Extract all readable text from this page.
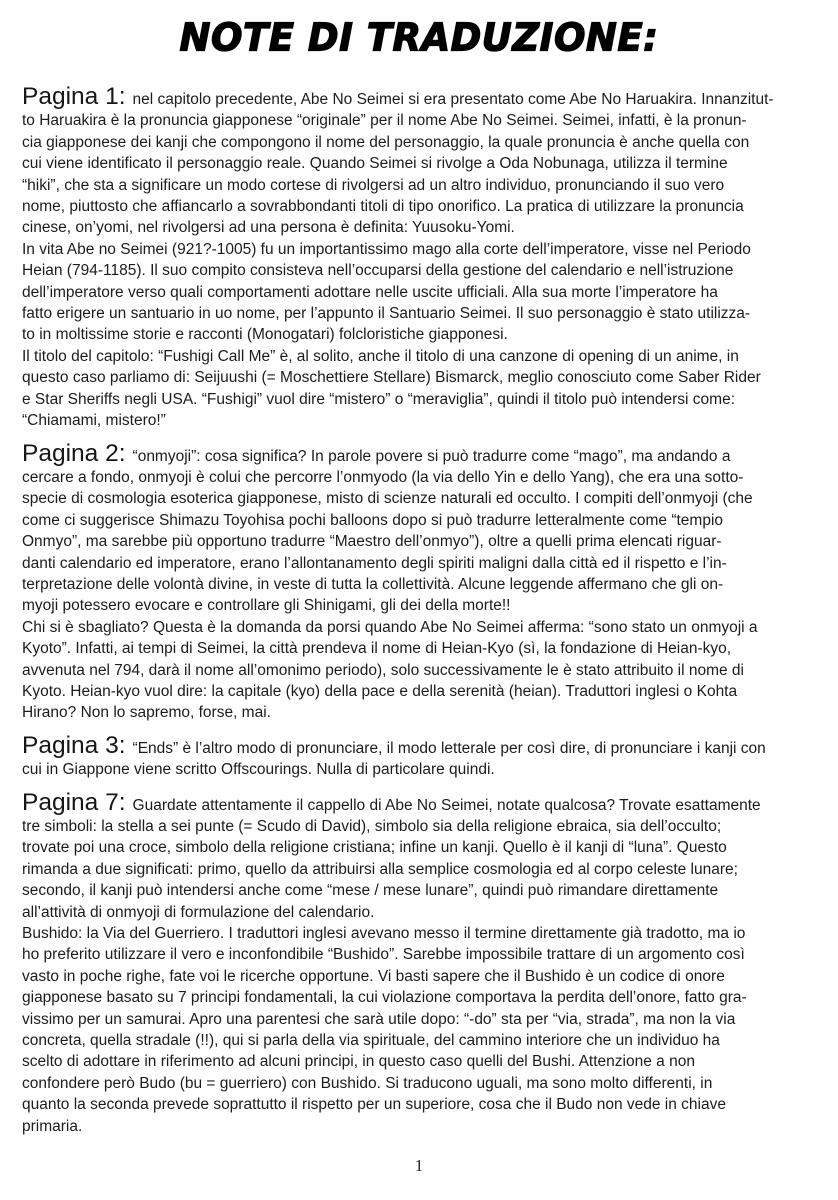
NOTE DI TRADUZIONE:
Pagina 1: nel capitolo precedente, Abe No Seimei si era presentato come Abe No Haruakira. Innanzitut-
to Haruakira è la pronuncia giapponese “originale” per il nome Abe No Seimei. Seimei, infatti, è la pronun-
cia giapponese dei kanji che compongono il nome del personaggio, la quale pronuncia è anche quella con
cui viene identificato il personaggio reale. Quando Seimei si rivolge a Oda Nobunaga, utilizza il termine
“hiki”, che sta a significare un modo cortese di rivolgersi ad un altro individuo, pronunciando il suo vero
nome, piuttosto che affiancarlo a sovrabbondanti titoli di tipo onorifico. La pratica di utilizzare la pronuncia
cinese, on’yomi, nel rivolgersi ad una persona è definita: Yuusoku-Yomi.
In vita Abe no Seimei (921?-1005) fu un importantissimo mago alla corte dell’imperatore, visse nel Periodo
Heian (794-1185). Il suo compito consisteva nell’occuparsi della gestione del calendario e nell’istruzione
dell’imperatore verso quali comportamenti adottare nelle uscite ufficiali. Alla sua morte l’imperatore ha
fatto erigere un santuario in uo nome, per l’appunto il Santuario Seimei. Il suo personaggio è stato utilizza-
to in moltissime storie e racconti (Monogatari) folcloristiche giapponesi.
Il titolo del capitolo: “Fushigi Call Me” è, al solito, anche il titolo di una canzone di opening di un anime, in
questo caso parliamo di: Seijuushi (= Moschettiere Stellare) Bismarck, meglio conosciuto come Saber Rider
e Star Sheriffs negli USA. “Fushigi” vuol dire “mistero” o “meraviglia”, quindi il titolo può intendersi come:
“Chiamami, mistero!”
Pagina 2: “onmyoji”: cosa significa? In parole povere si può tradurre come “mago”, ma andando a
cercare a fondo, onmyoji è colui che percorre l’onmyodo (la via dello Yin e dello Yang), che era una sotto-
specie di cosmologia esoterica giapponese, misto di scienze naturali ed occulto. I compiti dell’onmyoji (che
come ci suggerisce Shimazu Toyohisa pochi balloons dopo si può tradurre letteralmente come “tempio
Onmyo”, ma sarebbe più opportuno tradurre “Maestro dell’onmyo”), oltre a quelli prima elencati riguar-
danti calendario ed imperatore, erano l’allontanamento degli spiriti maligni dalla città ed il rispetto e l’in-
terpretazione delle volontà divine, in veste di tutta la collettività. Alcune leggende affermano che gli on-
myoji potessero evocare e controllare gli Shinigami, gli dei della morte!!
Chi si è sbagliato? Questa è la domanda da porsi quando Abe No Seimei afferma: “sono stato un onmyoji a
Kyoto”. Infatti, ai tempi di Seimei, la città prendeva il nome di Heian-Kyo (sì, la fondazione di Heian-kyo,
avvenuta nel 794, darà il nome all’omonimo periodo), solo successivamente le è stato attribuito il nome di
Kyoto. Heian-kyo vuol dire: la capitale (kyo) della pace e della serenità (heian). Traduttori inglesi o Kohta
Hirano? Non lo sapremo, forse, mai.
Pagina 3: “Ends” è l’altro modo di pronunciare, il modo letterale per così dire, di pronunciare i kanji con
cui in Giappone viene scritto Offscourings. Nulla di particolare quindi.
Pagina 7: Guardate attentamente il cappello di Abe No Seimei, notate qualcosa? Trovate esattamente
tre simboli: la stella a sei punte (= Scudo di David), simbolo sia della religione ebraica, sia dell’occulto;
trovate poi una croce, simbolo della religione cristiana; infine un kanji. Quello è il kanji di “luna”. Questo
rimanda a due significati: primo, quello da attribuirsi alla semplice cosmologia ed al corpo celeste lunare;
secondo, il kanji può intendersi anche come “mese / mese lunare”, quindi può rimandare direttamente
all’attività di onmyoji di formulazione del calendario.
Bushido: la Via del Guerriero. I traduttori inglesi avevano messo il termine direttamente già tradotto, ma io
ho preferito utilizzare il vero e inconfondibile “Bushido”. Sarebbe impossibile trattare di un argomento così
vasto in poche righe, fate voi le ricerche opportune. Vi basti sapere che il Bushido è un codice di onore
giapponese basato su 7 principi fondamentali, la cui violazione comportava la perdita dell’onore, fatto gra-
vissimo per un samurai. Apro una parentesi che sarà utile dopo: “-do” sta per “via, strada”, ma non la via
concreta, quella stradale (!!), qui si parla della via spirituale, del cammino interiore che un individuo ha
scelto di adottare in riferimento ad alcuni principi, in questo caso quelli del Bushi. Attenzione a non
confondere però Budo (bu = guerriero) con Bushido. Si traducono uguali, ma sono molto differenti, in
quanto la seconda prevede soprattutto il rispetto per un superiore, cosa che il Budo non vede in chiave
primaria.
1
